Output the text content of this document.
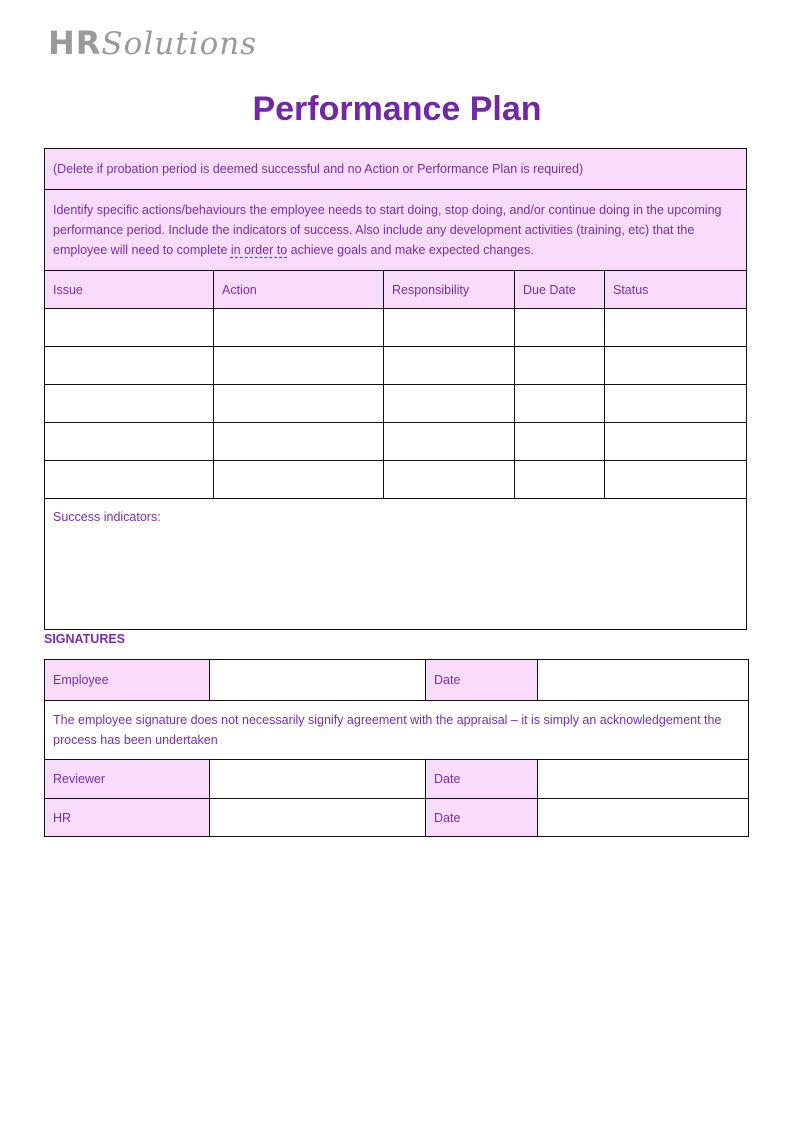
HR Solutions
Performance Plan
(Delete if probation period is deemed successful and no Action or Performance Plan is required)				
Identify specific actions/behaviours the employee needs to start doing, stop doing, and/or continue doing in the upcoming performance period. Include the indicators of success. Also include any development activities (training, etc) that the employee will need to complete in order to achieve goals and make expected changes.				
Issue	Action	Responsibility	Due Date	Status

Success indicators:				
SIGNATURES
Employee		Date	
The employee signature does not necessarily signify agreement with the appraisal – it is simply an acknowledgement the process has been undertaken			
Reviewer		Date	
HR		Date	
